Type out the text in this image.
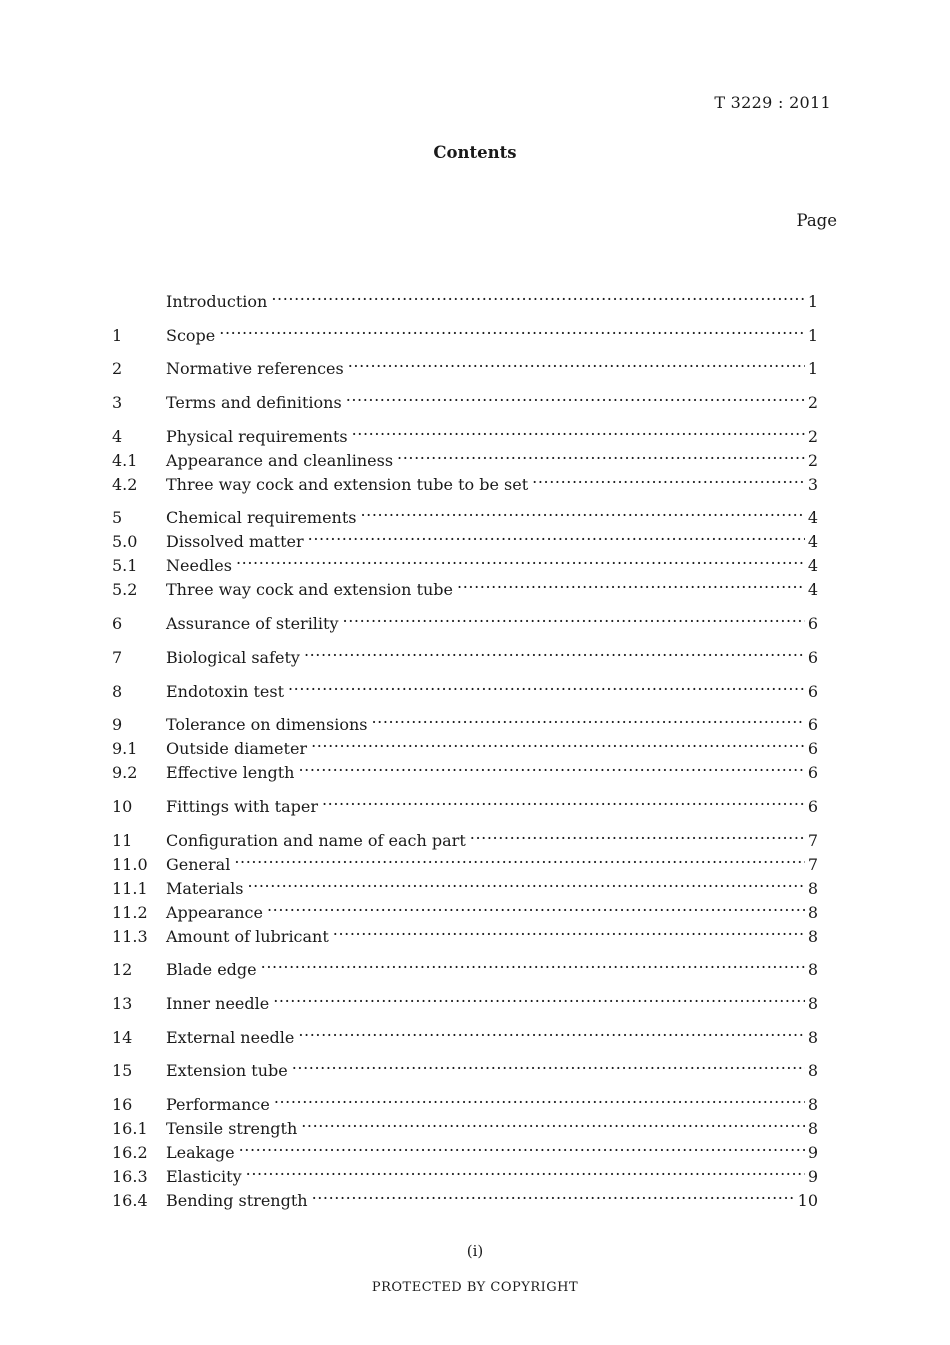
T 3229 : 2011
Contents
Page
Introduction .....	1
1	Scope .....	1
2	Normative references .....	1
3	Terms and definitions .....	2
4	Physical requirements .....	2
4.1	Appearance and cleanliness .....	2
4.2	Three way cock and extension tube to be set .....	3
5	Chemical requirements .....	4
5.0	Dissolved matter .....	4
5.1	Needles .....	4
5.2	Three way cock and extension tube .....	4
6	Assurance of sterility .....	6
7	Biological safety .....	6
8	Endotoxin test .....	6
9	Tolerance on dimensions .....	6
9.1	Outside diameter .....	6
9.2	Effective length .....	6
10	Fittings with taper .....	6
11	Configuration and name of each part .....	7
11.0	General .....	7
11.1	Materials .....	8
11.2	Appearance .....	8
11.3	Amount of lubricant .....	8
12	Blade edge .....	8
13	Inner needle .....	8
14	External needle .....	8
15	Extension tube .....	8
16	Performance .....	8
16.1	Tensile strength .....	8
16.2	Leakage .....	9
16.3	Elasticity .....	9
16.4	Bending strength .....	10
(i)
PROTECTED BY COPYRIGHT
